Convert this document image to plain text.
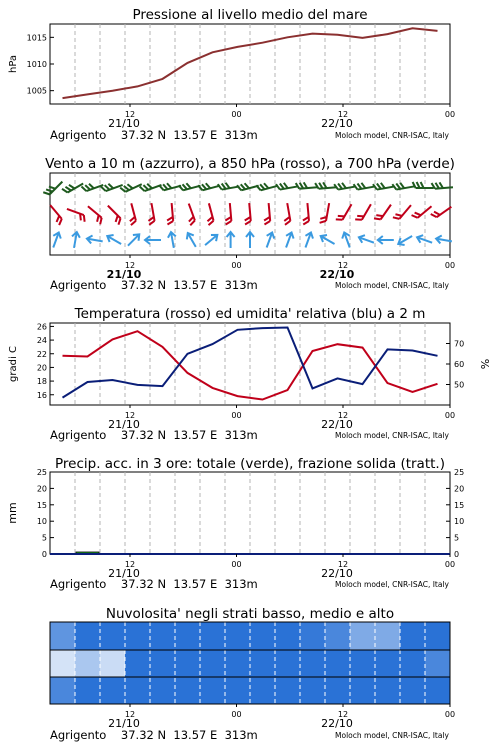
Pressione al livello medio del mare
1005
1010
1015
hPa
12	00	12	00
21/10	22/10
Agrigento    37.32 N  13.57 E  313m	Moloch model, CNR-ISAC, Italy
Vento a 10 m (azzurro), a 850 hPa (rosso), a 700 hPa (verde)
12	00	12	00
21/10	22/10
Agrigento    37.32 N  13.57 E  313m	Moloch model, CNR-ISAC, Italy
Temperatura (rosso) ed umidita' relativa (blu) a 2 m
16
18
20
22
24
26
50
60
70
gradi C	%
12	00	12	00
21/10	22/10
Agrigento    37.32 N  13.57 E  313m	Moloch model, CNR-ISAC, Italy
Precip. acc. in 3 ore: totale (verde), frazione solida (tratt.)
0
5
10
15
20
25
0
5
10
15
20
25
mm
12	00	12	00
21/10	22/10
Agrigento    37.32 N  13.57 E  313m	Moloch model, CNR-ISAC, Italy
Nuvolosita' negli strati basso, medio e alto
12	00	12	00
21/10	22/10
Agrigento    37.32 N  13.57 E  313m	Moloch model, CNR-ISAC, Italy
